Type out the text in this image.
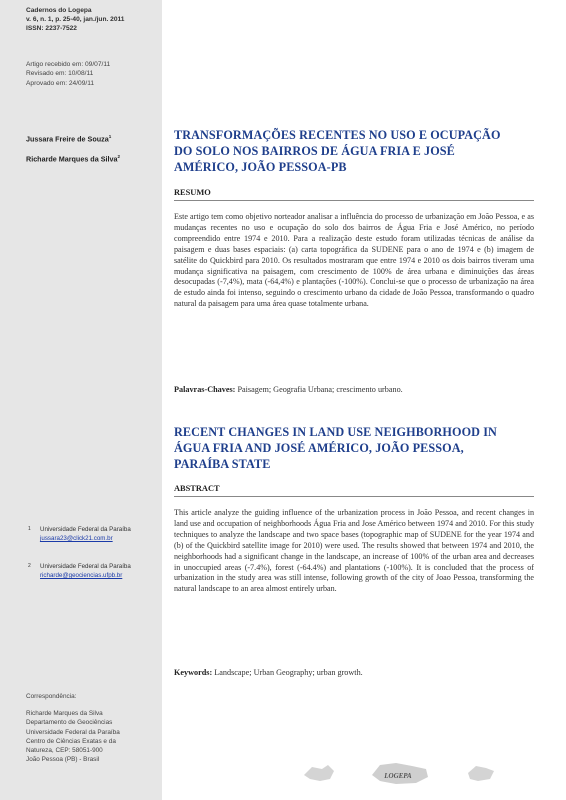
Cadernos do Logepa
v. 6, n. 1, p. 25-40, jan./jun. 2011
ISSN: 2237-7522
Artigo recebido em: 09/07/11
Revisado em: 10/08/11
Aprovado em: 24/09/11
Jussara Freire de Souza$^1$
Richarde Marques da Silva$^2$
1 Universidade Federal da Paraíba
jussara23@click21.com.br
2 Universidade Federal da Paraíba
richarde@geociencias.ufpb.br
Correspondência:
Richarde Marques da Silva
Departamento de Geociências
Universidade Federal da Paraíba
Centro de Ciências Exatas e da
Natureza, CEP: 58051-900
João Pessoa (PB) - Brasil
TRANSFORMAÇÕES RECENTES NO USO E OCUPAÇÃO
DO SOLO NOS BAIRROS DE ÁGUA FRIA E JOSÉ
AMÉRICO, JOÃO PESSOA-PB
RESUMO
Este artigo tem como objetivo norteador analisar a influência do processo de urbanização em João Pessoa, e as mudanças recentes no uso e ocupação do solo dos bairros de Água Fria e José Américo, no período compreendido entre 1974 e 2010. Para a realização deste estudo foram utilizadas técnicas de análise da paisagem e duas bases espaciais: (a) carta topográfica da SUDENE para o ano de 1974 e (b) imagem de satélite do Quickbird para 2010. Os resultados mostraram que entre 1974 e 2010 os dois bairros tiveram uma mudança significativa na paisagem, com crescimento de 100% de área urbana e diminuições das áreas desocupadas (-7,4%), mata (-64,4%) e plantações (-100%). Conclui-se que o processo de urbanização na área de estudo ainda foi intenso, seguindo o crescimento urbano da cidade de João Pessoa, transformando o quadro natural da paisagem para uma área quase totalmente urbana.
Palavras-Chaves: Paisagem; Geografia Urbana; crescimento urbano.
RECENT CHANGES IN LAND USE NEIGHBORHOOD IN
ÁGUA FRIA AND JOSÉ AMÉRICO, JOÃO PESSOA,
PARAÍBA STATE
ABSTRACT
This article analyze the guiding influence of the urbanization process in João Pessoa, and recent changes in land use and occupation of neighborhoods Água Fria and Jose Américo between 1974 and 2010. For this study techniques to analyze the landscape and two space bases (topographic map of SUDENE for the year 1974 and (b) of the Quickbird satellite image for 2010) were used. The results showed that between 1974 and 2010, the neighborhoods had a significant change in the landscape, an increase of 100% of the urban area and decreases in unoccupied areas (-7.4%), forest (-64.4%) and plantations (-100%). It is concluded that the process of urbanization in the study area was still intense, following growth of the city of Joao Pessoa, transforming the natural landscape to an area almost entirely urban.
Keywords: Landscape; Urban Geography; urban growth.
LOGEPA
